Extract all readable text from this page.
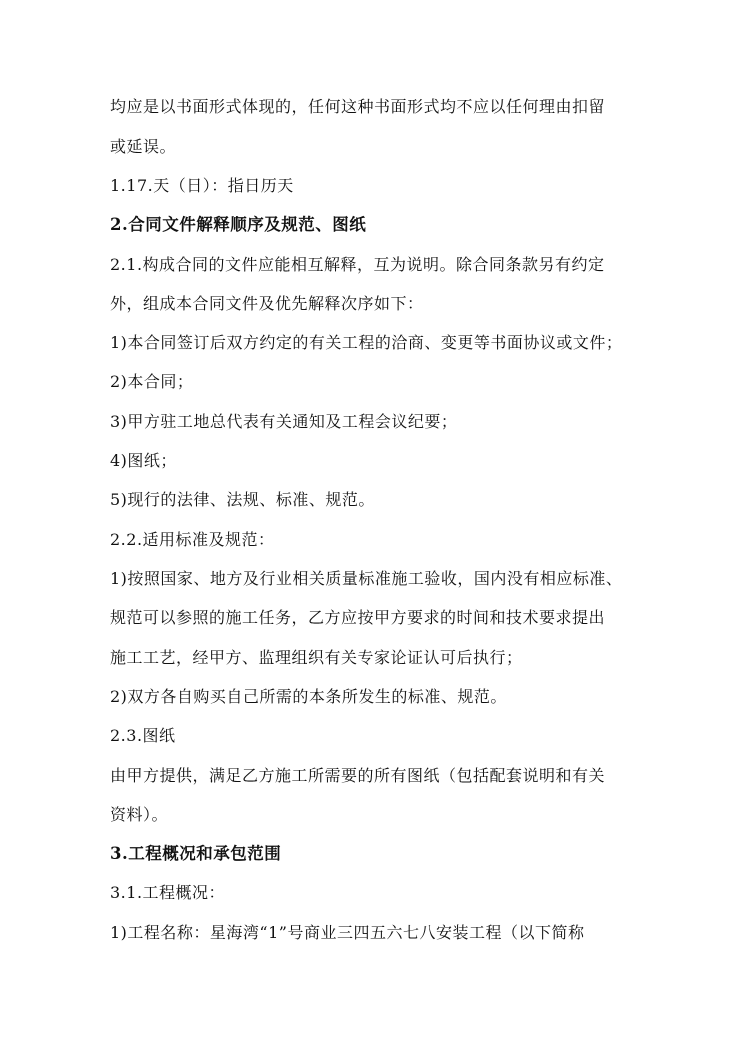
均应是以书面形式体现的，任何这种书面形式均不应以任何理由扣留
或延误。
1.17.天（日）：指日历天
2.合同文件解释顺序及规范、图纸
2.1.构成合同的文件应能相互解释，互为说明。除合同条款另有约定
外，组成本合同文件及优先解释次序如下：
1)本合同签订后双方约定的有关工程的洽商、变更等书面协议或文件；
2)本合同；
3)甲方驻工地总代表有关通知及工程会议纪要；
4)图纸；
5)现行的法律、法规、标准、规范。
2.2.适用标准及规范：
1)按照国家、地方及行业相关质量标准施工验收，国内没有相应标准、
规范可以参照的施工任务，乙方应按甲方要求的时间和技术要求提出
施工工艺，经甲方、监理组织有关专家论证认可后执行；
2)双方各自购买自己所需的本条所发生的标准、规范。
2.3.图纸
由甲方提供，满足乙方施工所需要的所有图纸（包括配套说明和有关
资料）。
3.工程概况和承包范围
3.1.工程概况：
1)工程名称：星海湾“1”号商业三四五六七八安装工程（以下简称
